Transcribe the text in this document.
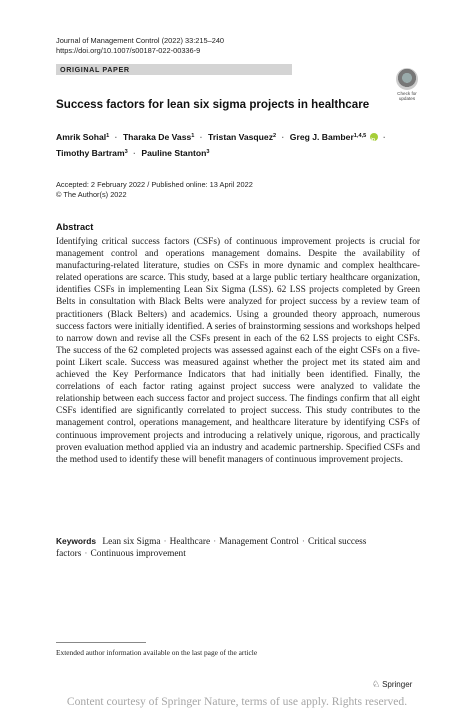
Journal of Management Control (2022) 33:215–240
https://doi.org/10.1007/s00187-022-00336-9
ORIGINAL PAPER
Check for
updates
Success factors for lean six sigma projects in healthcare
Amrik Sohal$^1$ · Tharaka De Vass$^1$ · Tristan Vasquez$^2$ · Greg J. Bamber$^{1,4,5}$ iD ·
Timothy Bartram$^3$ · Pauline Stanton$^3$
Accepted: 2 February 2022 / Published online: 13 April 2022
© The Author(s) 2022
Abstract

Identifying critical success factors (CSFs) of continuous improvement projects is crucial for management control and operations management domains. Despite the availability of manufacturing-related literature, studies on CSFs in more dynamic and complex healthcare-related operations are scarce. This study, based at a large public tertiary healthcare organization, identifies CSFs in implementing Lean Six Sigma (LSS). 62 LSS projects completed by Green Belts in consultation with Black Belts were analyzed for project success by a review team of practitioners (Black Belters) and academics. Using a grounded theory approach, numerous success factors were initially identified. A series of brainstorming sessions and workshops helped to narrow down and revise all the CSFs present in each of the 62 LSS projects to eight CSFs. The success of the 62 completed projects was assessed against each of the eight CSFs on a five-point Likert scale. Success was measured against whether the project met its stated aim and achieved the Key Performance Indicators that had initially been identified. Finally, the correlations of each factor rating against project success were analyzed to validate the relationship between each success factor and project success. The findings confirm that all eight CSFs identified are significantly correlated to project success. This study contributes to the management control, operations management, and healthcare literature by identifying CSFs of continuous improvement projects and introducing a relatively unique, rigorous, and practically proven evaluation method applied via an industry and academic partnership. Specified CSFs and the method used to identify these will benefit managers of continuous improvement projects.

Keywords Lean six Sigma · Healthcare · Management Control · Critical success factors · Continuous improvement
Extended author information available on the last page of the article
♘ Springer
Content courtesy of Springer Nature, terms of use apply. Rights reserved.
